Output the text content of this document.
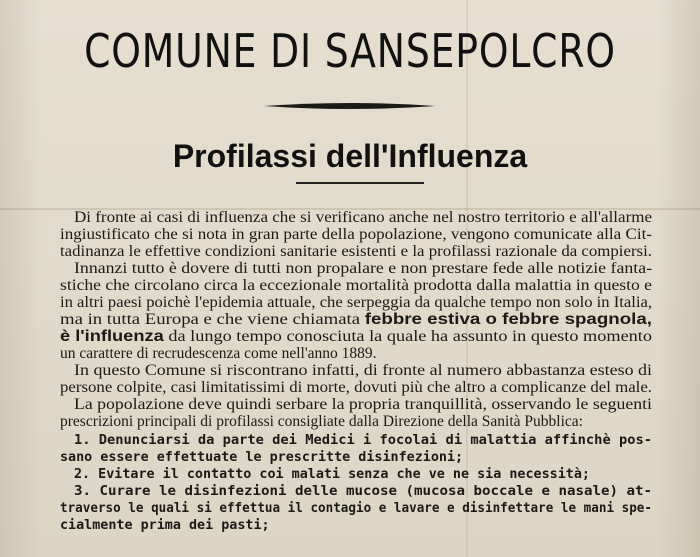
COMUNE DI SANSEPOLCRO
Profilassi dell'Influenza
Di fronte ai casi di influenza che si verificano anche nel nostro territorio e all'allarme
ingiustificato che si nota in gran parte della popolazione, vengono comunicate alla Cit-
tadinanza le effettive condizioni sanitarie esistenti e la profilassi razionale da compiersi.
Innanzi tutto è dovere di tutti non propalare e non prestare fede alle notizie fanta-
stiche che circolano circa la eccezionale mortalità prodotta dalla malattia in questo e
in altri paesi poichè l'epidemia attuale, che serpeggia da qualche tempo non solo in Italia,
ma in tutta Europa e che viene chiamata febbre estiva o febbre spagnola,
è l'influenza da lungo tempo conosciuta la quale ha assunto in questo momento
un carattere di recrudescenza come nell'anno 1889.
In questo Comune si riscontrano infatti, di fronte al numero abbastanza esteso di
persone colpite, casi limitatissimi di morte, dovuti più che altro a complicanze del male.
La popolazione deve quindi serbare la propria tranquillità, osservando le seguenti
prescrizioni principali di profilassi consigliate dalla Direzione della Sanità Pubblica:
1. Denunciarsi da parte dei Medici i focolai di malattia affinchè pos-
sano essere effettuate le prescritte disinfezioni;
2. Evitare il contatto coi malati senza che ve ne sia necessità;
3. Curare le disinfezioni delle mucose (mucosa boccale e nasale) at-
traverso le quali si effettua il contagio e lavare e disinfettare le mani spe-
cialmente prima dei pasti;
